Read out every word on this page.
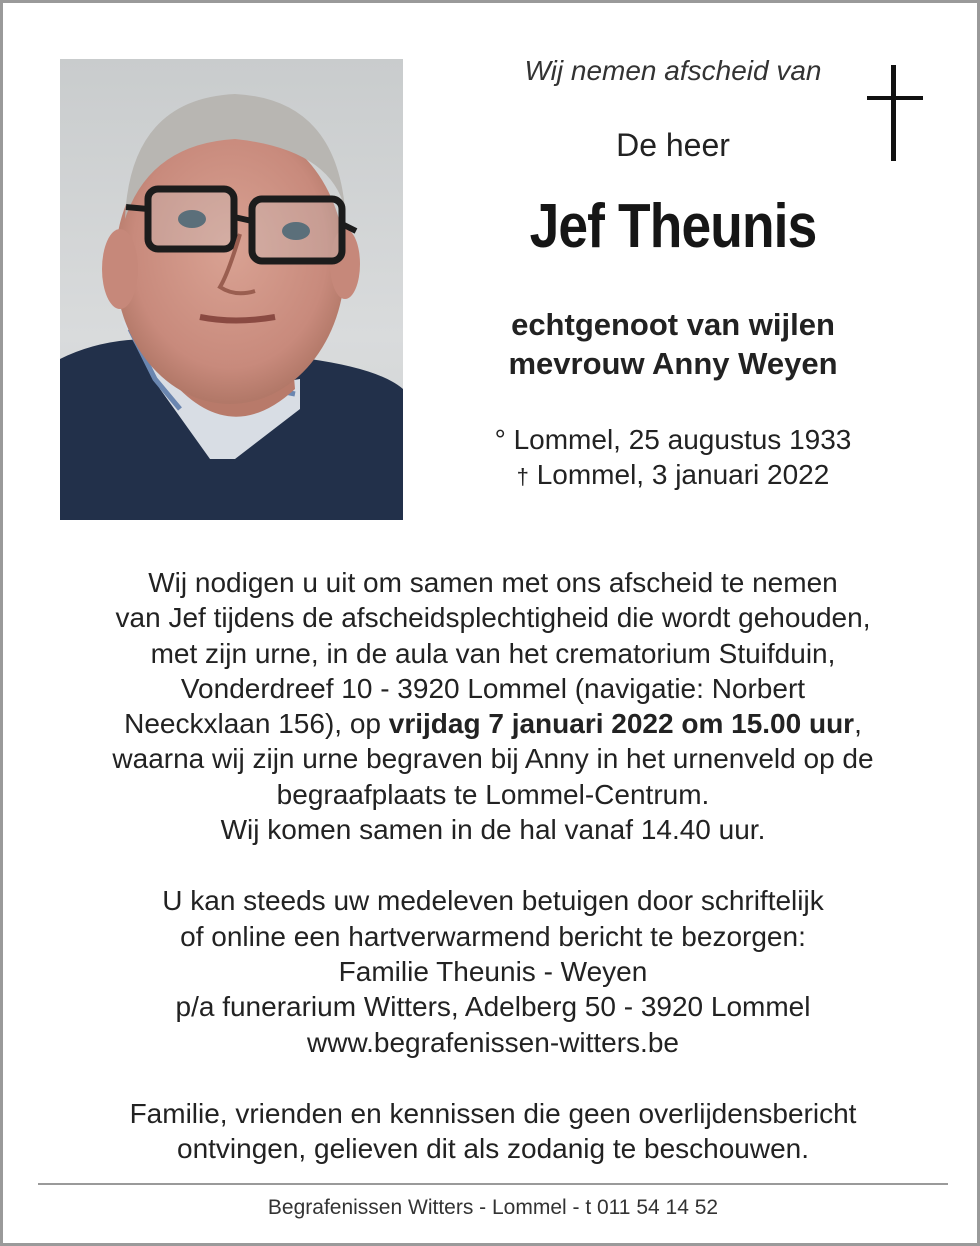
Wij nemen afscheid van
De heer
Jef Theunis
echtgenoot van wijlen
mevrouw Anny Weyen
° Lommel, 25 augustus 1933
† Lommel, 3 januari 2022

Wij nodigen u uit om samen met ons afscheid te nemen

van Jef tijdens de afscheidsplechtigheid die wordt gehouden,

met zijn urne, in de aula van het crematorium Stuifduin,

Vonderdreef 10 - 3920 Lommel (navigatie: Norbert

Neeckxlaan 156), op vrijdag 7 januari 2022 om 15.00 uur,

waarna wij zijn urne begraven bij Anny in het urnenveld op de

begraafplaats te Lommel-Centrum.

Wij komen samen in de hal vanaf 14.40 uur.

U kan steeds uw medeleven betuigen door schriftelijk

of online een hartverwarmend bericht te bezorgen:

Familie Theunis - Weyen

p/a funerarium Witters, Adelberg 50 - 3920 Lommel

www.begrafenissen-witters.be

Familie, vrienden en kennissen die geen overlijdensbericht

ontvingen, gelieven dit als zodanig te beschouwen.

Begrafenissen Witters - Lommel - t 011 54 14 52
